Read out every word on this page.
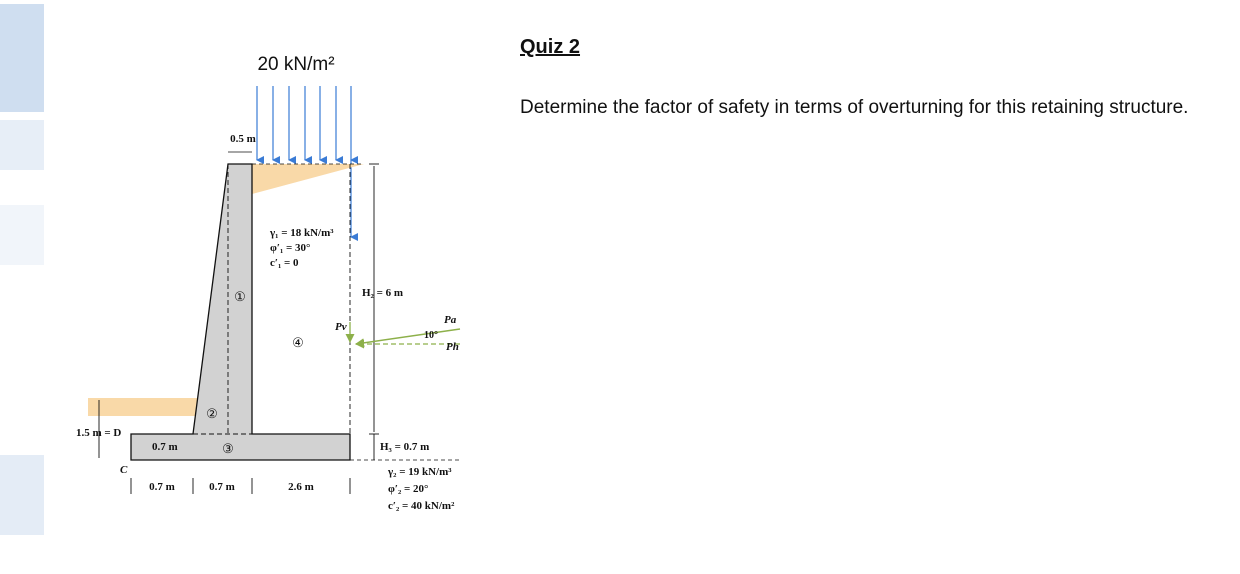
20 kN/m²
0.5 m
γ₁ = 18 kN/m³
φ′₁ = 30°
c′₁ = 0
①
②
③
④
H₂ = 6 m
H₃ = 0.7 m
Pv
Pa
Ph
10°
1.5 m = D
0.7 m
C
0.7 m	0.7 m	2.6 m
γ₂ = 19 kN/m³
φ′₂ = 20°
c′₂ = 40 kN/m²
Quiz 2
Determine the factor of safety in terms of overturning for this retaining structure.
